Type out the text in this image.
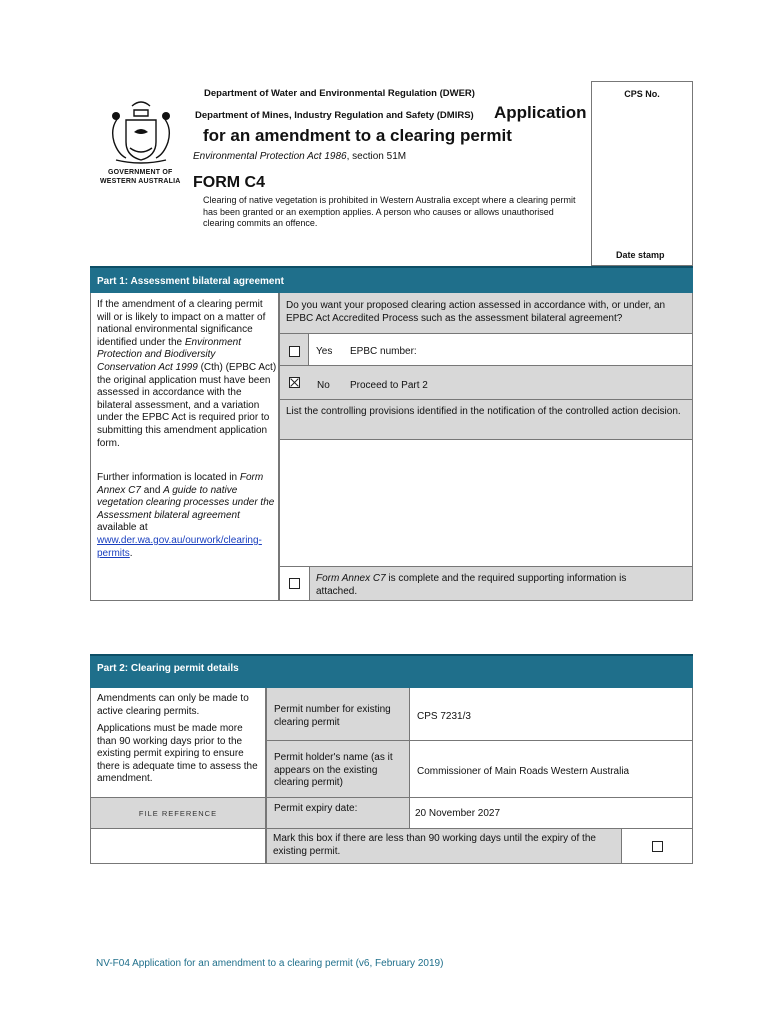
GOVERNMENT OF
WESTERN AUSTRALIA
Department of Water and Environmental Regulation (DWER)
Department of Mines, Industry Regulation and Safety (DMIRS) Application
for an amendment to a clearing permit
Environmental Protection Act 1986, section 51M
FORM C4
Clearing of native vegetation is prohibited in Western Australia except where a clearing permit has been granted or an exemption applies. A person who causes or allows unauthorised clearing commits an offence.
CPS No.
Date stamp
Part 1: Assessment bilateral agreement
If the amendment of a clearing permit will or is likely to impact on a matter of national environmental significance identified under the Environment Protection and Biodiversity Conservation Act 1999 (Cth) (EPBC Act) the original application must have been assessed in accordance with the bilateral assessment, and a variation under the EPBC Act is required prior to submitting this amendment application form.
Further information is located in Form Annex C7 and A guide to native vegetation clearing processes under the Assessment bilateral agreement available at www.der.wa.gov.au/ourwork/clearing-permits.
Do you want your proposed clearing action assessed in accordance with, or under, an EPBC Act Accredited Process such as the assessment bilateral agreement?
Yes EPBC number:
No Proceed to Part 2
List the controlling provisions identified in the notification of the controlled action decision.
Form Annex C7 is complete and the required supporting information is attached.
Part 2: Clearing permit details
Amendments can only be made to active clearing permits.
Applications must be made more than 90 working days prior to the existing permit expiring to ensure there is adequate time to assess the amendment.
FILE REFERENCE
Permit number for existing clearing permit
CPS 7231/3
Permit holder's name (as it appears on the existing clearing permit)
Commissioner of Main Roads Western Australia
Permit expiry date:	20 November 2027
Mark this box if there are less than 90 working days until the expiry of the existing permit.
NV-F04 Application for an amendment to a clearing permit (v6, February 2019)
